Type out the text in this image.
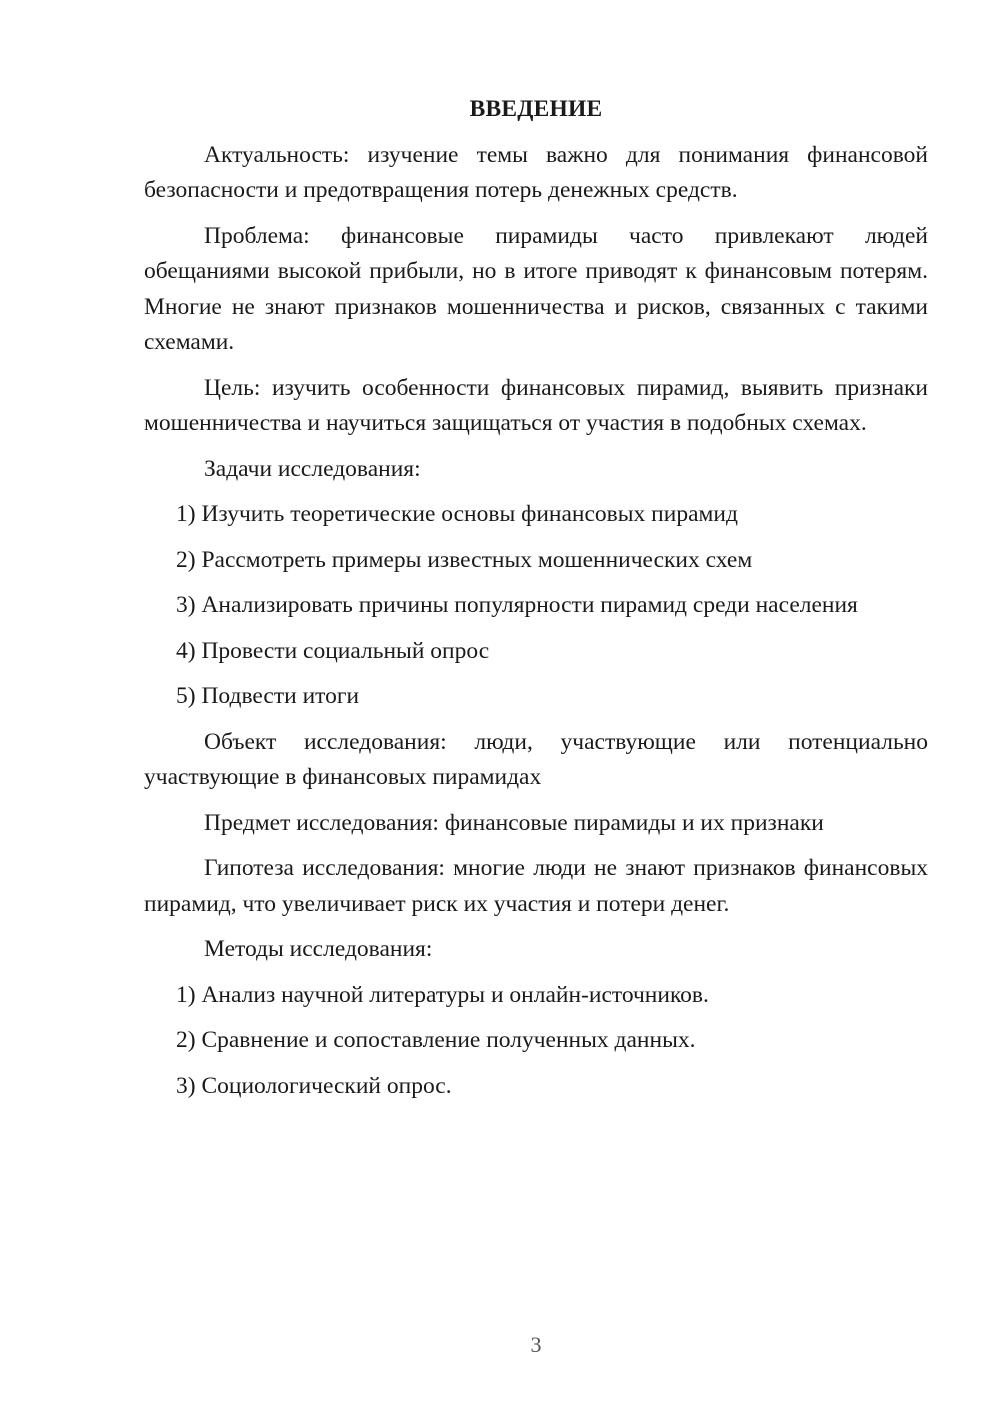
ВВЕДЕНИЕ

Актуальность: изучение темы важно для понимания финансовой безопасности и предотвращения потерь денежных средств.

Проблема: финансовые пирамиды часто привлекают людей обещаниями высокой прибыли, но в итоге приводят к финансовым потерям. Многие не знают признаков мошенничества и рисков, связанных с такими схемами.

Цель: изучить особенности финансовых пирамид, выявить признаки мошенничества и научиться защищаться от участия в подобных схемах.

Задачи исследования:

1) Изучить теоретические основы финансовых пирамид
2) Рассмотреть примеры известных мошеннических схем
3) Анализировать причины популярности пирамид среди населения
4) Провести социальный опрос
5) Подвести итоги

Объект исследования: люди, участвующие или потенциально участвующие в финансовых пирамидах

Предмет исследования: финансовые пирамиды и их признаки

Гипотеза исследования: многие люди не знают признаков финансовых пирамид, что увеличивает риск их участия и потери денег.

Методы исследования:

1) Анализ научной литературы и онлайн-источников.
2) Сравнение и сопоставление полученных данных.
3) Социологический опрос.
3
